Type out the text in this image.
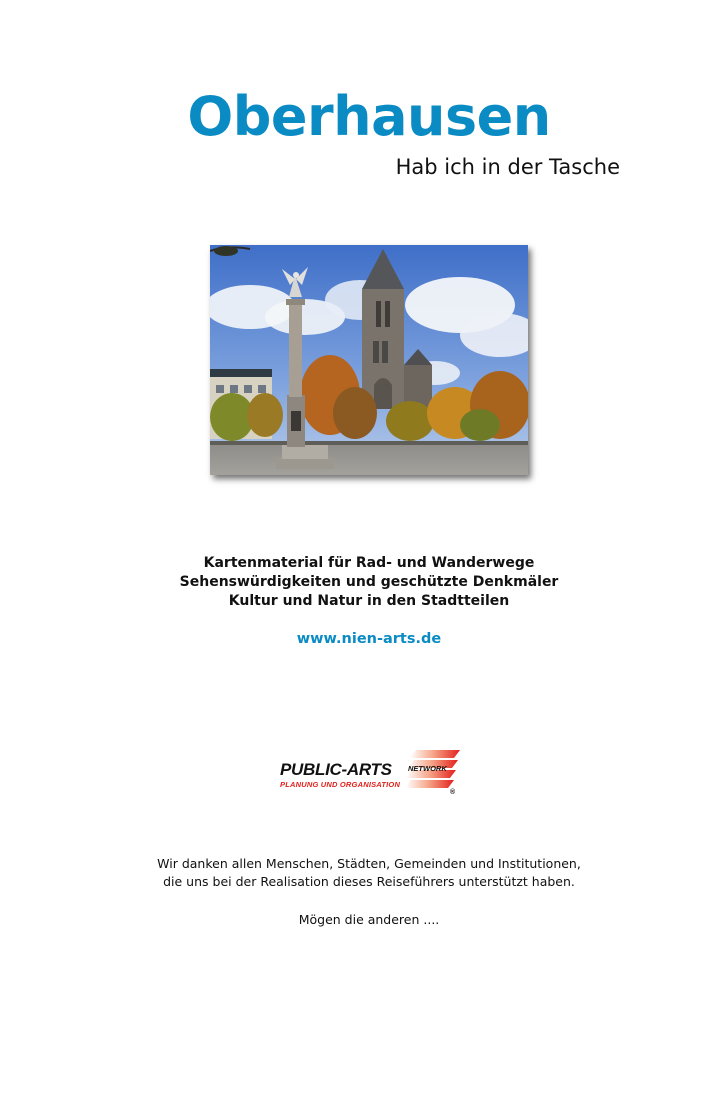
Oberhausen
Hab ich in der Tasche
Kartenmaterial für Rad- und Wanderwege
Sehenswürdigkeiten und geschützte Denkmäler
Kultur und Natur in den Stadtteilen
www.nien-arts.de
PUBLIC-ARTS NETWORK
PLANUNG UND ORGANISATION
®
Wir danken allen Menschen, Städten, Gemeinden und Institutionen,
die uns bei der Realisation dieses Reiseführers unterstützt haben.
Mögen die anderen ....
